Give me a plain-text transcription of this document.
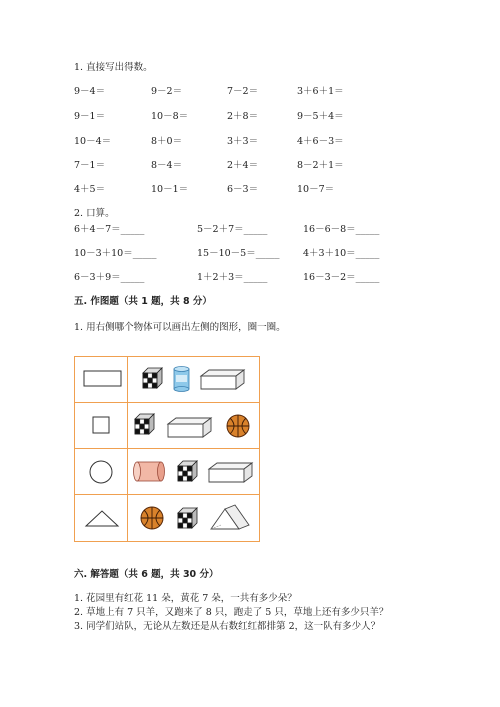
1. 直接写出得数。
9－4＝	9－2＝	7－2＝	3＋6＋1＝
9－1＝	10－8＝	2＋8＝	9－5＋4＝
10－4＝	8＋0＝	3＋3＝	4＋6－3＝
7－1＝	8－4＝	2＋4＝	8－2＋1＝
4＋5＝	10－1＝	6－3＝	10－7＝
2. 口算。
6＋4－7＝_____	5－2＋7＝_____	16－6－8＝_____
10－3＋10＝_____	15－10－5＝_____ 4＋3＋10＝_____
6－3＋9＝_____	1＋2＋3＝_____	16－3－2＝_____
五. 作图题（共 1 题，共 8 分）
1. 用右侧哪个物体可以画出左侧的图形，圈一圈。
六. 解答题（共 6 题，共 30 分）
1. 花园里有红花 11 朵，黄花 7 朵，一共有多少朵？
2. 草地上有 7 只羊，又跑来了 8 只，跑走了 5 只，草地上还有多少只羊？
3. 同学们站队，无论从左数还是从右数红红都排第 2，这一队有多少人？
